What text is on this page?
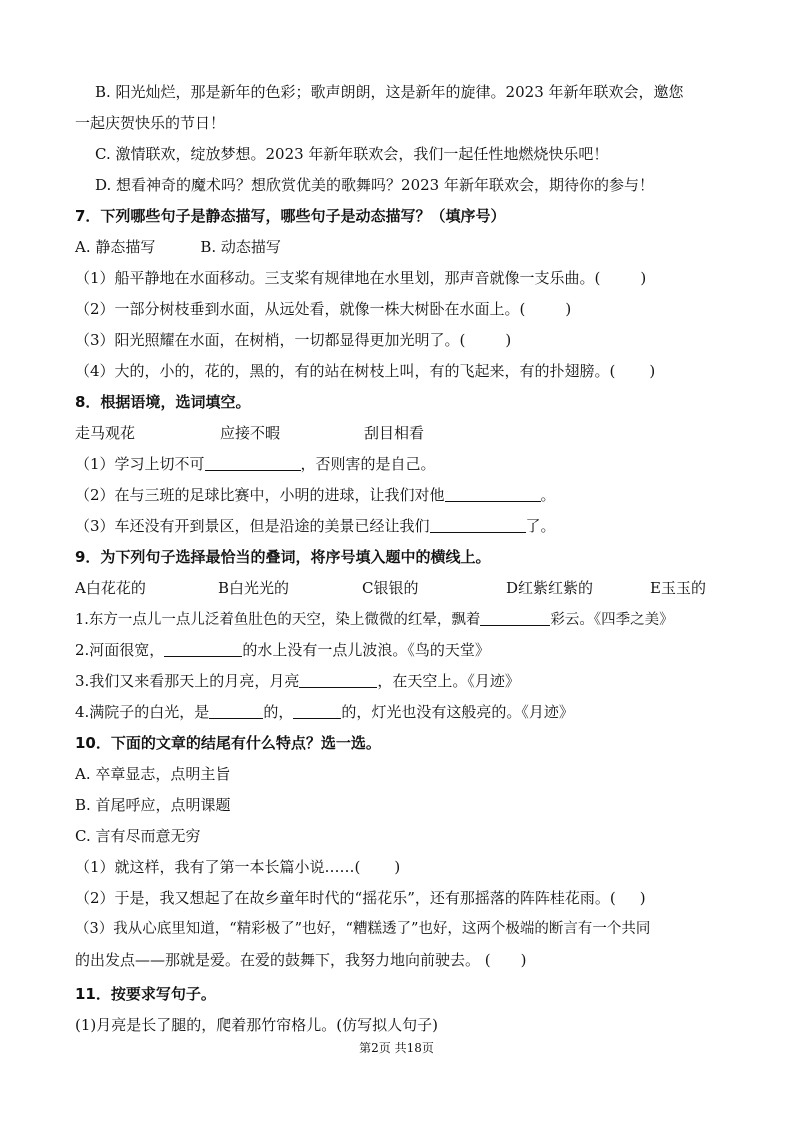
B. 阳光灿烂，那是新年的色彩；歌声朗朗，这是新年的旋律。2023 年新年联欢会，邀您
一起庆贺快乐的节日！
C. 激情联欢，绽放梦想。2023 年新年联欢会，我们一起任性地燃烧快乐吧！
D. 想看神奇的魔术吗？想欣赏优美的歌舞吗？2023 年新年联欢会，期待你的参与！
7．下列哪些句子是静态描写，哪些句子是动态描写？（填序号）
A. 静态描写　　　B. 动态描写
（1）船平静地在水面移动。三支桨有规律地在水里划，那声音就像一支乐曲。(	)
（2）一部分树枝垂到水面，从远处看，就像一株大树卧在水面上。(	)
（3）阳光照耀在水面，在树梢，一切都显得更加光明了。(	)
（4）大的，小的，花的，黑的，有的站在树枝上叫，有的飞起来，有的扑翅膀。( )
8．根据语境，选词填空。
走马观花	应接不暇	刮目相看
（1）学习上切不可	，否则害的是自己。
（2）在与三班的足球比赛中，小明的进球，让我们对他	。
（3）车还没有开到景区，但是沿途的美景已经让我们	了。
9．为下列句子选择最恰当的叠词，将序号填入题中的横线上。
A白花花的	B白光光的	C银银的	D红紫红紫的	E玉玉的
1.东方一点儿一点儿泛着鱼肚色的天空，染上微微的红晕，飘着	彩云。《四季之美》
2.河面很宽，	的水上没有一点儿波浪。《鸟的天堂》
3.我们又来看那天上的月亮，月亮	，在天空上。《月迹》
4.满院子的白光，是	的，	的，灯光也没有这般亮的。《月迹》
10．下面的文章的结尾有什么特点？选一选。
A. 卒章显志，点明主旨
B. 首尾呼应，点明课题
C. 言有尽而意无穷
（1）就这样，我有了第一本长篇小说……( )
（2）于是，我又想起了在故乡童年时代的“摇花乐”，还有那摇落的阵阵桂花雨。( )
（3）我从心底里知道，“精彩极了”也好，“糟糕透了”也好，这两个极端的断言有一个共同
的出发点——那就是爱。在爱的鼓舞下，我努力地向前驶去。 ( )
11．按要求写句子。
(1)月亮是长了腿的，爬着那竹帘格儿。(仿写拟人句子)
第2页 共18页
